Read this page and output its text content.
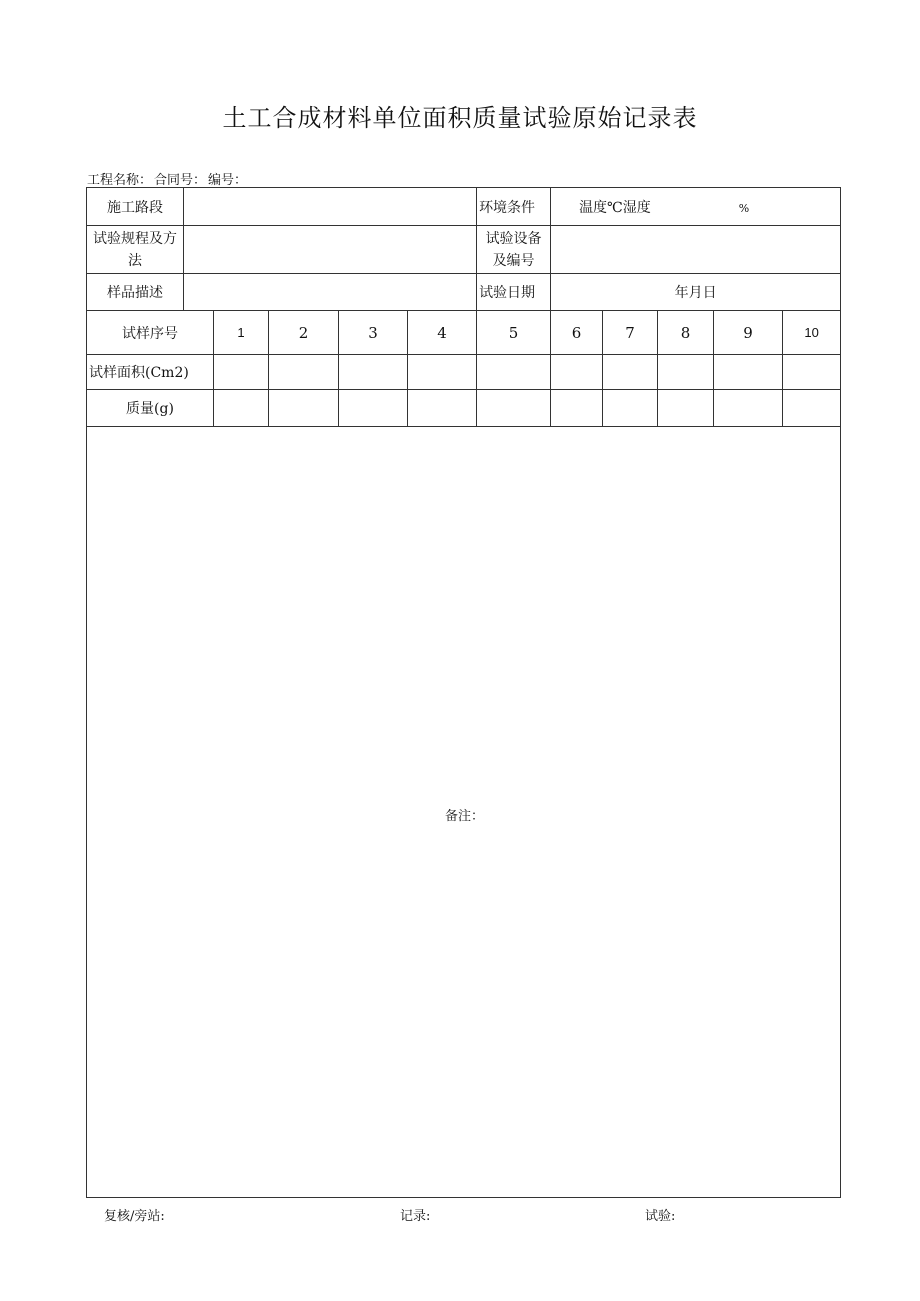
土工合成材料单位面积质量试验原始记录表
工程名称： 合同号： 编号：
施工路段						环境条件	温度℃湿度 %				
试验规程及方
法						试验设备
及编号					
样品描述						试验日期	年月日				
试样序号		1	2	3	4	5	6	7	8	9	10
试样面积(Cm2)											
质量(g)											

备注：											
复核/旁站:	记录:	试验:
